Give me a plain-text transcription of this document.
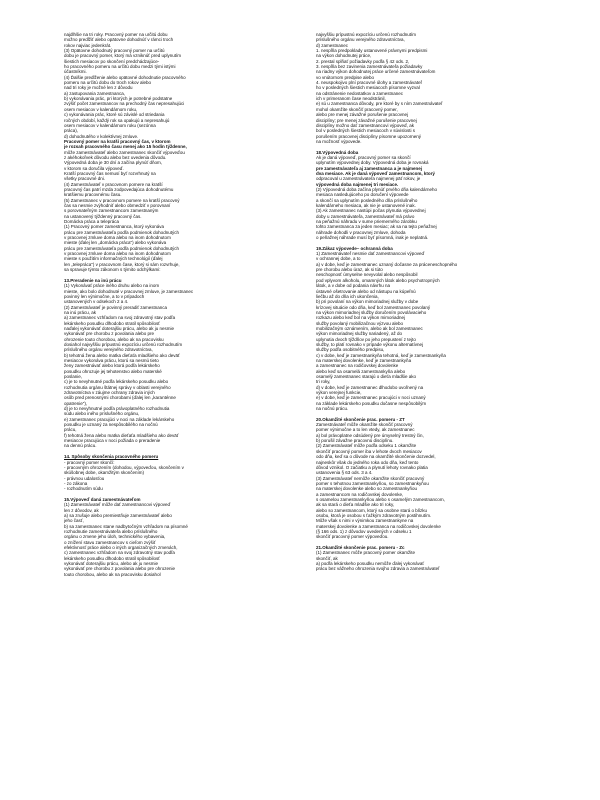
najdlhšie na tri roky. Pracovný pomer na určitú dobu
možno predĺžiť alebo opätovne dohodnúť v rámci troch
rokov najviac jedenkrát.
(3) Opätovne dohodnutý pracovný pomer na určitú
dobu je pracovný pomer, ktorý má vzniknúť pred uplynutím
šiestich mesiacov po skončení predchádzajúce-
ho pracovného pomeru na určitú dobu medzi tými istými
účastníkmi.
(4) Ďalšie predĺženie alebo opätovné dohodnutie pracovného
pomeru na určitú dobu do troch rokov alebo
nad tri roky je možné len z dôvodu
a) zastupovania zamestnanca,
b) vykonávania prác, pri ktorých je potrebné podstatne
zvýšiť počet zamestnancov na prechodný čas nepresahujúci
osem mesiacov v kalendárnom roku,
c) vykonávania prác, ktoré sú závislé od striedania
ročných období, každý rok sa opakujú a nepresahujú
osem mesiacov v kalendárnom roku (sezónna
práca),
d) dohodnutého v kolektívnej zmluve.
Pracovný pomer na kratší pracovný čas, v ktorom
je rozsah pracovného času menej ako 15 hodín týždenne,
môže zamestnávateľ alebo zamestnanec skončiť výpoveďou
z akéhokoľvek dôvodu alebo bez uvedenia dôvodu.
Výpovedná doba je 30 dní a začína plynúť dňom,
v ktorom sa doručila výpoveď.
Kratší pracovný čas nemusí byť rozvrhnutý na
všetky pracovné dni.
(4) Zamestnávateľ v pracovnom pomere na kratší
pracovný čas patrí mzda zodpovedajúca dohodnutému
kratšiemu pracovnému času.
(5) Zamestnanec v pracovnom pomere na kratší pracovný
čas sa nesmie zvýhodniť alebo obmedziť v porovnaní
s porovnateľným zamestnancom zamestnaným
na ustanovený týždenný pracovný čas.
Domácka práca a telepráca
(1) Pracovný pomer zamestnanca, ktorý vykonáva
prácu pre zamestnávateľa podľa podmienok dohodnutých
v pracovnej zmluve doma alebo na inom dohodnutom
mieste (ďalej len „domácka práca") alebo vykonáva
prácu pre zamestnávateľa podľa podmienok dohodnutých
v pracovnej zmluve doma alebo na inom dohodnutom
mieste s použitím informačných technológií (ďalej
len „telepráca") v pracovnom čase, ktorý si sám rozvrhuje,
sa spravuje týmto zákonom s týmito odchýlkami:
13.Preradenie na inú prácu
(1) Vykonávať práce iného druhu alebo na inom
mieste, ako bolo dohodnuté v pracovnej zmluve, je zamestnanec
povinný len výnimočne, a to v prípadoch
ustanovených v odsekoch 2 a 4.
(2) Zamestnávateľ je povinný preradiť zamestnanca
na inú prácu, ak
a) zamestnanec vzhľadom na svoj zdravotný stav podľa
lekárskeho posudku dlhodobo stratil spôsobilosť
naďalej vykonávať doterajšiu prácu, alebo ak ju nesmie
vykonávať pre chorobu z povolania alebo pre
ohrozenie touto chorobou, alebo ak na pracovisku
dosiahol najvyššiu prípustnú expozíciu určenú rozhodnutím
príslušného orgánu verejného zdravotníctva,
b) tehotná žena alebo matka dieťaťa mladšieho ako deväť
mesiacov vykonáva prácu, ktorú sa nesmú tieto
ženy zamestnávať alebo ktorá podľa lekárskeho
posudku ohrozuje jej tehotenstvo alebo materské
poslanie,
c) je to nevyhnutné podľa lekárskeho posudku alebo
rozhodnutia orgánu štátnej správy v oblasti verejného
zdravotníctva v záujme ochrany zdravia iných
osôb pred prenosnými chorobami (ďalej len „karanténne
opatrenie"),
d) je to nevyhnutné podľa právoplatného rozhodnutia
súdu alebo iného príslušného orgánu,
e) zamestnanec pracujúci v noci na základe lekárskeho
posudku je uznaný za nespôsobilého na nočnú
prácu,
f) tehotná žena alebo matka dieťaťa mladšieho ako deväť
mesiacov pracujúca v noci požiada o preradenie
na dennú prácu.
14. Spôsoby skončenia pracovného pomeru
- pracovný pomer skončí:
- pracovným ohrozením (dohodou, výpoveďou, skončením v
skúšobnej dobe, okamžitým skončením)
- právnou udalosťou
- zo zákona
- rozhodnutím súdu
15.Výpoveď daná zamestnávateľom
(1) Zamestnávateľ môže dať zamestnancovi výpoveď
len z dôvodov, ak
a) sa zrušuje alebo premiestňuje zamestnávateľ alebo
jeho časť,
b) sa zamestnanec stane nadbytočným vzhľadom na písomné
rozhodnutie zamestnávateľa alebo príslušného
orgánu o zmene jeho úloh, technického vybavenia,
o znížení stavu zamestnancov s cieľom zvýšiť
efektívnosť práce alebo o iných organizačných zmenách,
c) zamestnanec vzhľadom na svoj zdravotný stav podľa
lekárskeho posudku dlhodobo stratil spôsobilosť
vykonávať doterajšiu prácu, alebo ak ju nesmie
vykonávať pre chorobu z povolania alebo pre ohrozenie
touto chorobou, alebo ak na pracovisku dosiahol
najvyššiu prípustnú expozíciu určenú rozhodnutím
príslušného orgánu verejného zdravotníctva,
d) zamestnanec
1. nespĺňa predpoklady ustanovené právnymi predpismi
na výkon dohodnutej práce,
2. prestal spĺňať požiadavky podľa § 42 ods. 2,
3. nespĺňa bez zavinenia zamestnávateľa požiadavky
na riadny výkon dohodnutej práce určené zamestnávateľom
vo vnútornom predpise alebo
4. neuspokojivo plní pracovné úlohy a zamestnávateľ
ho v posledných šiestich mesiacoch písomne vyzval
na odstránenie nedostatkov a zamestnanec
ich v primeranom čase neodstránil,
e) sú u zamestnanca dôvody, pre ktoré by s ním zamestnávateľ
mohol okamžite skončiť pracovný pomer,
alebo pre menej závažné porušenie pracovnej
disciplíny; pre menej závažné porušenie pracovnej
disciplíny možno dať zamestnancovi výpoveď, ak
bol v posledných šiestich mesiacoch v súvislosti s
porušením pracovnej disciplíny písomne upozornený
na možnosť výpovede.
18.Výpovedná doba
Ak je daná výpoveď, pracovný pomer sa skončí
uplynutím výpovednej doby. Výpovedná doba je rovnaká
pre zamestnávateľa aj zamestnanca a je najmenej
dva mesiace. Ak je daná výpoveď zamestnancom, ktorý
odpracoval u zamestnávateľa najmenej päť rokov, je
výpovedná doba najmenej tri mesiace.
(2) Výpovedná doba začína plynúť prvého dňa kalendárneho
mesiaca nasledujúceho po doručení výpovede
a skončí sa uplynutím posledného dňa príslušného
kalendárneho mesiaca, ak nie je ustanovené inak.
(3) Ak zamestnanec nastúpi počas plynutia výpovednej
doby u zamestnávateľa, zamestnávateľ má právo
na peňažnú náhradu v sume priemerného zárobku
tohto zamestnanca za jeden mesiac; ak sa na tejto peňažnej
náhrade dohodli v pracovnej zmluve, dohoda
o peňažnej náhrade musí byť písomná, inak je neplatná.
19.Zákaz výpovede– ochranná doba
1) Zamestnávateľ nesmie dať zamestnancovi výpoveď
v ochrannej dobe, a to
a) v dobe, keď je zamestnanec uznaný dočasne za práceneschopného
pre chorobu alebo úraz, ak si túto
neschopnosť úmyselne nevyvolal alebo nespôsobil
pod vplyvom alkoholu, omamných látok alebo psychotropných
látok, a v dobe od podania návrhu na
ústavné ošetrovanie alebo od nástupu na kúpeľnú
liečbu až do dňa ich ukončenia,
b) pri povolaní na výkon mimoriadnej služby v dobe
krízovej situácie odo dňa, keď bol zamestnanec povolaný
na výkon mimoriadnej služby doručením povolávacieho
rozkazu alebo keď bol na výkon mimoriadnej
služby povolaný mobilizačnou výzvou alebo
mobilizačným oznámením, alebo ak bol zamestnanec
výkon mimoriadnej služby nariadený, až do
uplynutia dvoch týždňov po jeho prepustení z tejto
služby, to platí rovnako v prípade výkonu alternatívnej
služby podľa osobitného predpisu,
c) v dobe, keď je zamestnankyňa tehotná, keď je zamestnankyňa
na materskej dovolenke, keď je zamestnankyňa
a zamestnanec na rodičovskej dovolenke
alebo keď sa osamelá zamestnankyňa alebo
osamelý zamestnanec starajú o dieťa mladšie ako
tri roky,
d) v dobe, keď je zamestnanec dlhodobo uvoľnený na
výkon verejnej funkcie,
e) v dobe, keď je zamestnanec pracujúci v noci uznaný
na základe lekárskeho posudku dočasne nespôsobilým
na nočnú prácu.
20.Okamžité skončenie prac. pomeru - ZT
Zamestnávateľ môže okamžite skončiť pracovný
pomer výnimočne a to len vtedy, ak zamestnanec
a) bol právoplatne odsúdený pre úmyselný trestný čin,
b) porušil závažne pracovnú disciplínu.
(2) Zamestnávateľ môže podľa odseku 1 okamžite
skončiť pracovný pomer iba v lehote dvoch mesiacov
odo dňa, keď sa o dôvode na okamžité skončenie dozvedel,
najneskôr však do jedného roka odo dňa, keď tento
dôvod vznikol. O začiatku a plynutí lehoty rovnako platia
ustanovenia § 63 ods. 3 a 4.
(3) Zamestnávateľ nemôže okamžite skončiť pracovný
pomer s tehotnou zamestnankyňou, so zamestnankyňou
na materskej dovolenke alebo so zamestnankyňou
a zamestnancom na rodičovskej dovolenke,
s osamelou zamestnankyňou alebo s osamelým zamestnancom,
ak sa stará o dieťa mladšie ako tri roky,
alebo so zamestnancom, ktorý sa osobne stará o blízku
osobu, ktorá je osobou s ťažkým zdravotným postihnutím.
Môže však s nimi v výnimkou zamestnankyne na
materskej dovolenke a zamestnanca na rodičovskej dovolenke
(§ 166 ods. 1) z dôvodov uvedených v odseku 1
skončiť pracovný pomer výpoveďou.
21.Okamžité skončenie prac. pomeru - Zc
(1) Zamestnanec môže pracovný pomer okamžite
skončiť, ak
a) podľa lekárskeho posudku nemôže ďalej vykonávať
prácu bez vážneho ohrozenia svojho zdravia a zamestnávateľ
